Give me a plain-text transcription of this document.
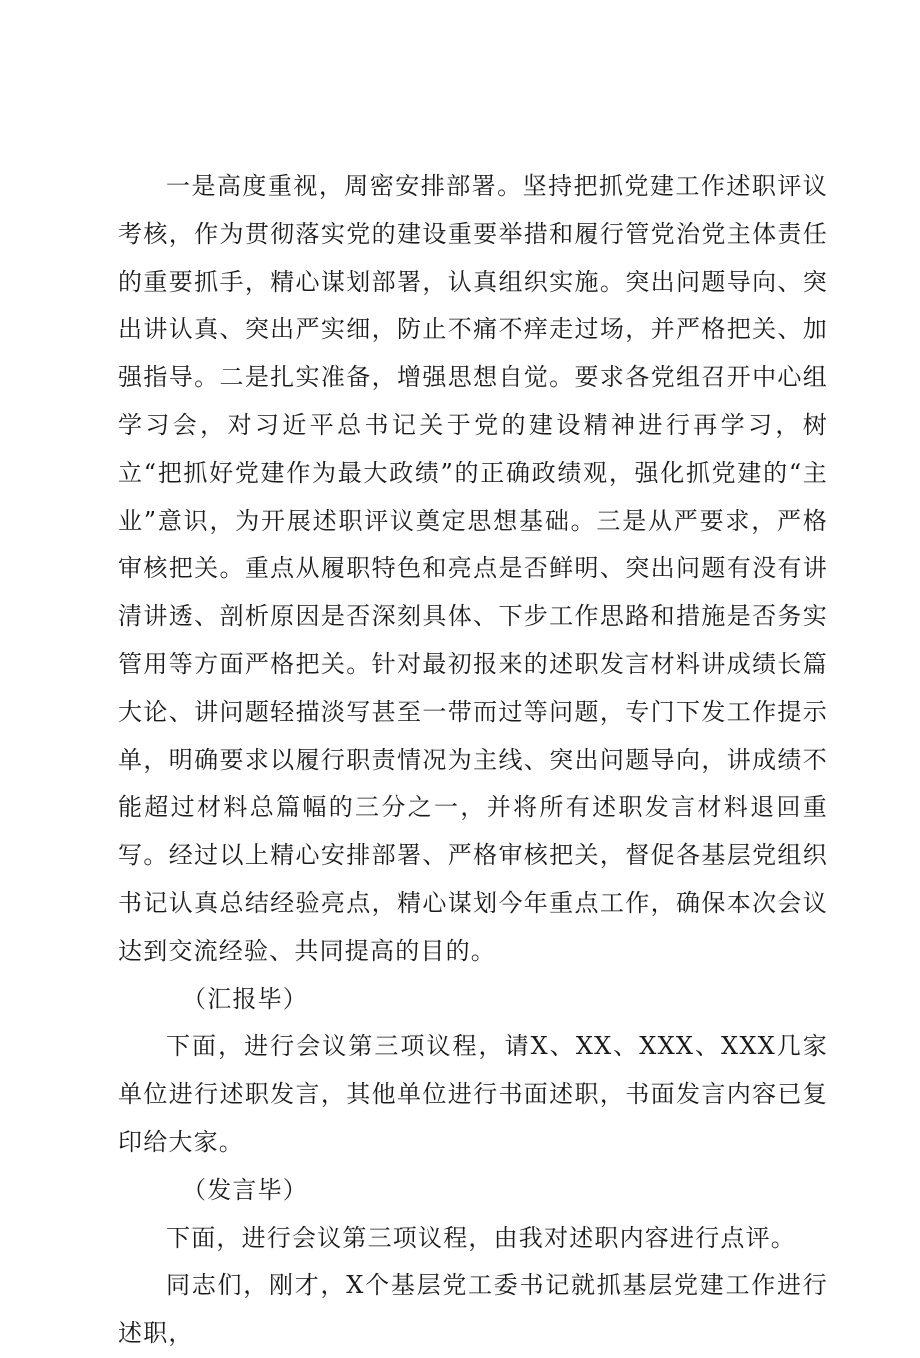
一是高度重视，周密安排部署。坚持把抓党建工作述职评议考核，作为贯彻落实党的建设重要举措和履行管党治党主体责任的重要抓手，精心谋划部署，认真组织实施。突出问题导向、突出讲认真、突出严实细，防止不痛不痒走过场，并严格把关、加强指导。二是扎实准备，增强思想自觉。要求各党组召开中心组学习会，对习近平总书记关于党的建设精神进行再学习，树立“把抓好党建作为最大政绩”的正确政绩观，强化抓党建的“主业”意识，为开展述职评议奠定思想基础。三是从严要求，严格审核把关。重点从履职特色和亮点是否鲜明、突出问题有没有讲清讲透、剖析原因是否深刻具体、下步工作思路和措施是否务实管用等方面严格把关。针对最初报来的述职发言材料讲成绩长篇大论、讲问题轻描淡写甚至一带而过等问题，专门下发工作提示单，明确要求以履行职责情况为主线、突出问题导向，讲成绩不能超过材料总篇幅的三分之一，并将所有述职发言材料退回重写。经过以上精心安排部署、严格审核把关，督促各基层党组织书记认真总结经验亮点，精心谋划今年重点工作，确保本次会议达到交流经验、共同提高的目的。

（汇报毕）

下面，进行会议第三项议程，请X、XX、XXX、XXX几家单位进行述职发言，其他单位进行书面述职，书面发言内容已复印给大家。

（发言毕）

下面，进行会议第三项议程，由我对述职内容进行点评。

同志们，刚才，X个基层党工委书记就抓基层党建工作进行述职，
